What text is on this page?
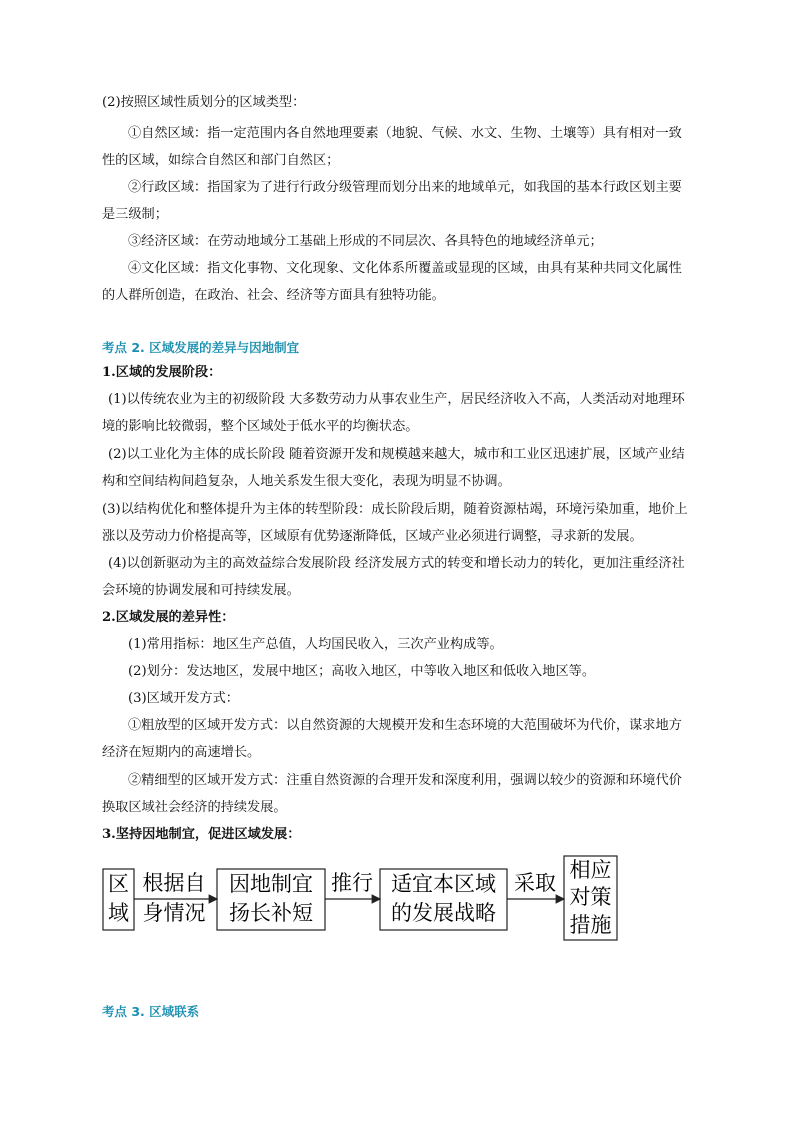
(2)按照区域性质划分的区域类型：
①自然区域：指一定范围内各自然地理要素（地貌、气候、水文、生物、土壤等）具有相对一致
性的区域，如综合自然区和部门自然区；
②行政区域：指国家为了进行行政分级管理而划分出来的地域单元，如我国的基本行政区划主要
是三级制；
③经济区域：在劳动地域分工基础上形成的不同层次、各具特色的地域经济单元；
④文化区域：指文化事物、文化现象、文化体系所覆盖或显现的区域，由具有某种共同文化属性
的人群所创造，在政治、社会、经济等方面具有独特功能。
考点 2. 区域发展的差异与因地制宜
1.区域的发展阶段：
(1)以传统农业为主的初级阶段 大多数劳动力从事农业生产，居民经济收入不高，人类活动对地理环
境的影响比较微弱，整个区域处于低水平的均衡状态。
(2)以工业化为主体的成长阶段 随着资源开发和规模越来越大，城市和工业区迅速扩展，区域产业结
构和空间结构间趋复杂，人地关系发生很大变化，表现为明显不协调。
(3)以结构优化和整体提升为主体的转型阶段：成长阶段后期，随着资源枯竭，环境污染加重，地价上
涨以及劳动力价格提高等，区域原有优势逐渐降低，区域产业必须进行调整，寻求新的发展。
(4)以创新驱动为主的高效益综合发展阶段 经济发展方式的转变和增长动力的转化，更加注重经济社
会环境的协调发展和可持续发展。
2.区域发展的差异性：
(1)常用指标：地区生产总值，人均国民收入，三次产业构成等。
(2)划分：发达地区，发展中地区；高收入地区，中等收入地区和低收入地区等。
(3)区域开发方式：
①粗放型的区域开发方式：以自然资源的大规模开发和生态环境的大范围破坏为代价，谋求地方
经济在短期内的高速增长。
②精细型的区域开发方式：注重自然资源的合理开发和深度利用，强调以较少的资源和环境代价
换取区域社会经济的持续发展。
3.坚持因地制宜，促进区域发展：
区
域
根据自
身情况
因地制宜
扬长补短
推行 适宜本区域
的发展战略
采取
相应
对策
措施
考点 3. 区域联系
